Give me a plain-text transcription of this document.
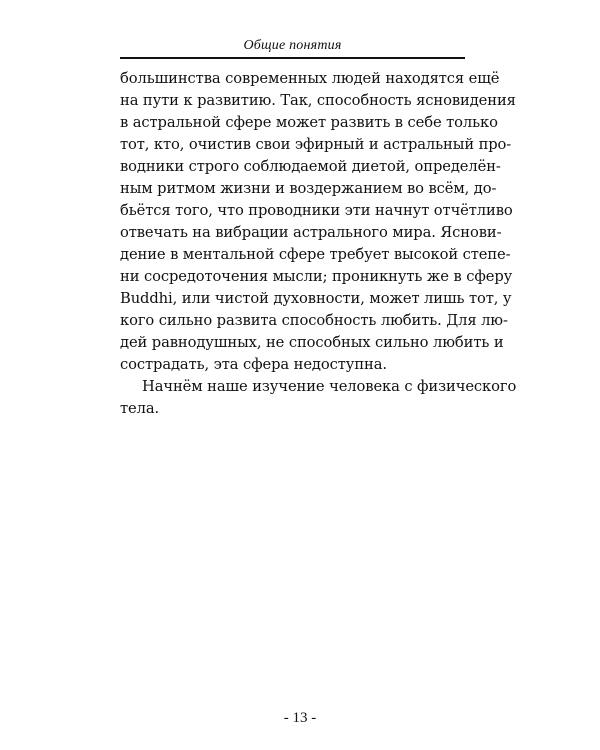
Общие понятия
большинства современных людей находятся ещё
на пути к развитию. Так, способность ясновидения
в астральной сфере может развить в себе только
тот, кто, очистив свои эфирный и астральный про-
водники строго соблюдаемой диетой, определён-
ным ритмом жизни и воздержанием во всём, до-
бьётся того, что проводники эти начнут отчётливо
отвечать на вибрации астрального мира. Яснови-
дение в ментальной сфере требует высокой степе-
ни сосредоточения мысли; проникнуть же в сферу
Buddhi, или чистой духовности, может лишь тот, у
кого сильно развита способность любить. Для лю-
дей равнодушных, не способных сильно любить и
сострадать, эта сфера недоступна.
Начнём наше изучение человека с физического
тела.
- 13 -
